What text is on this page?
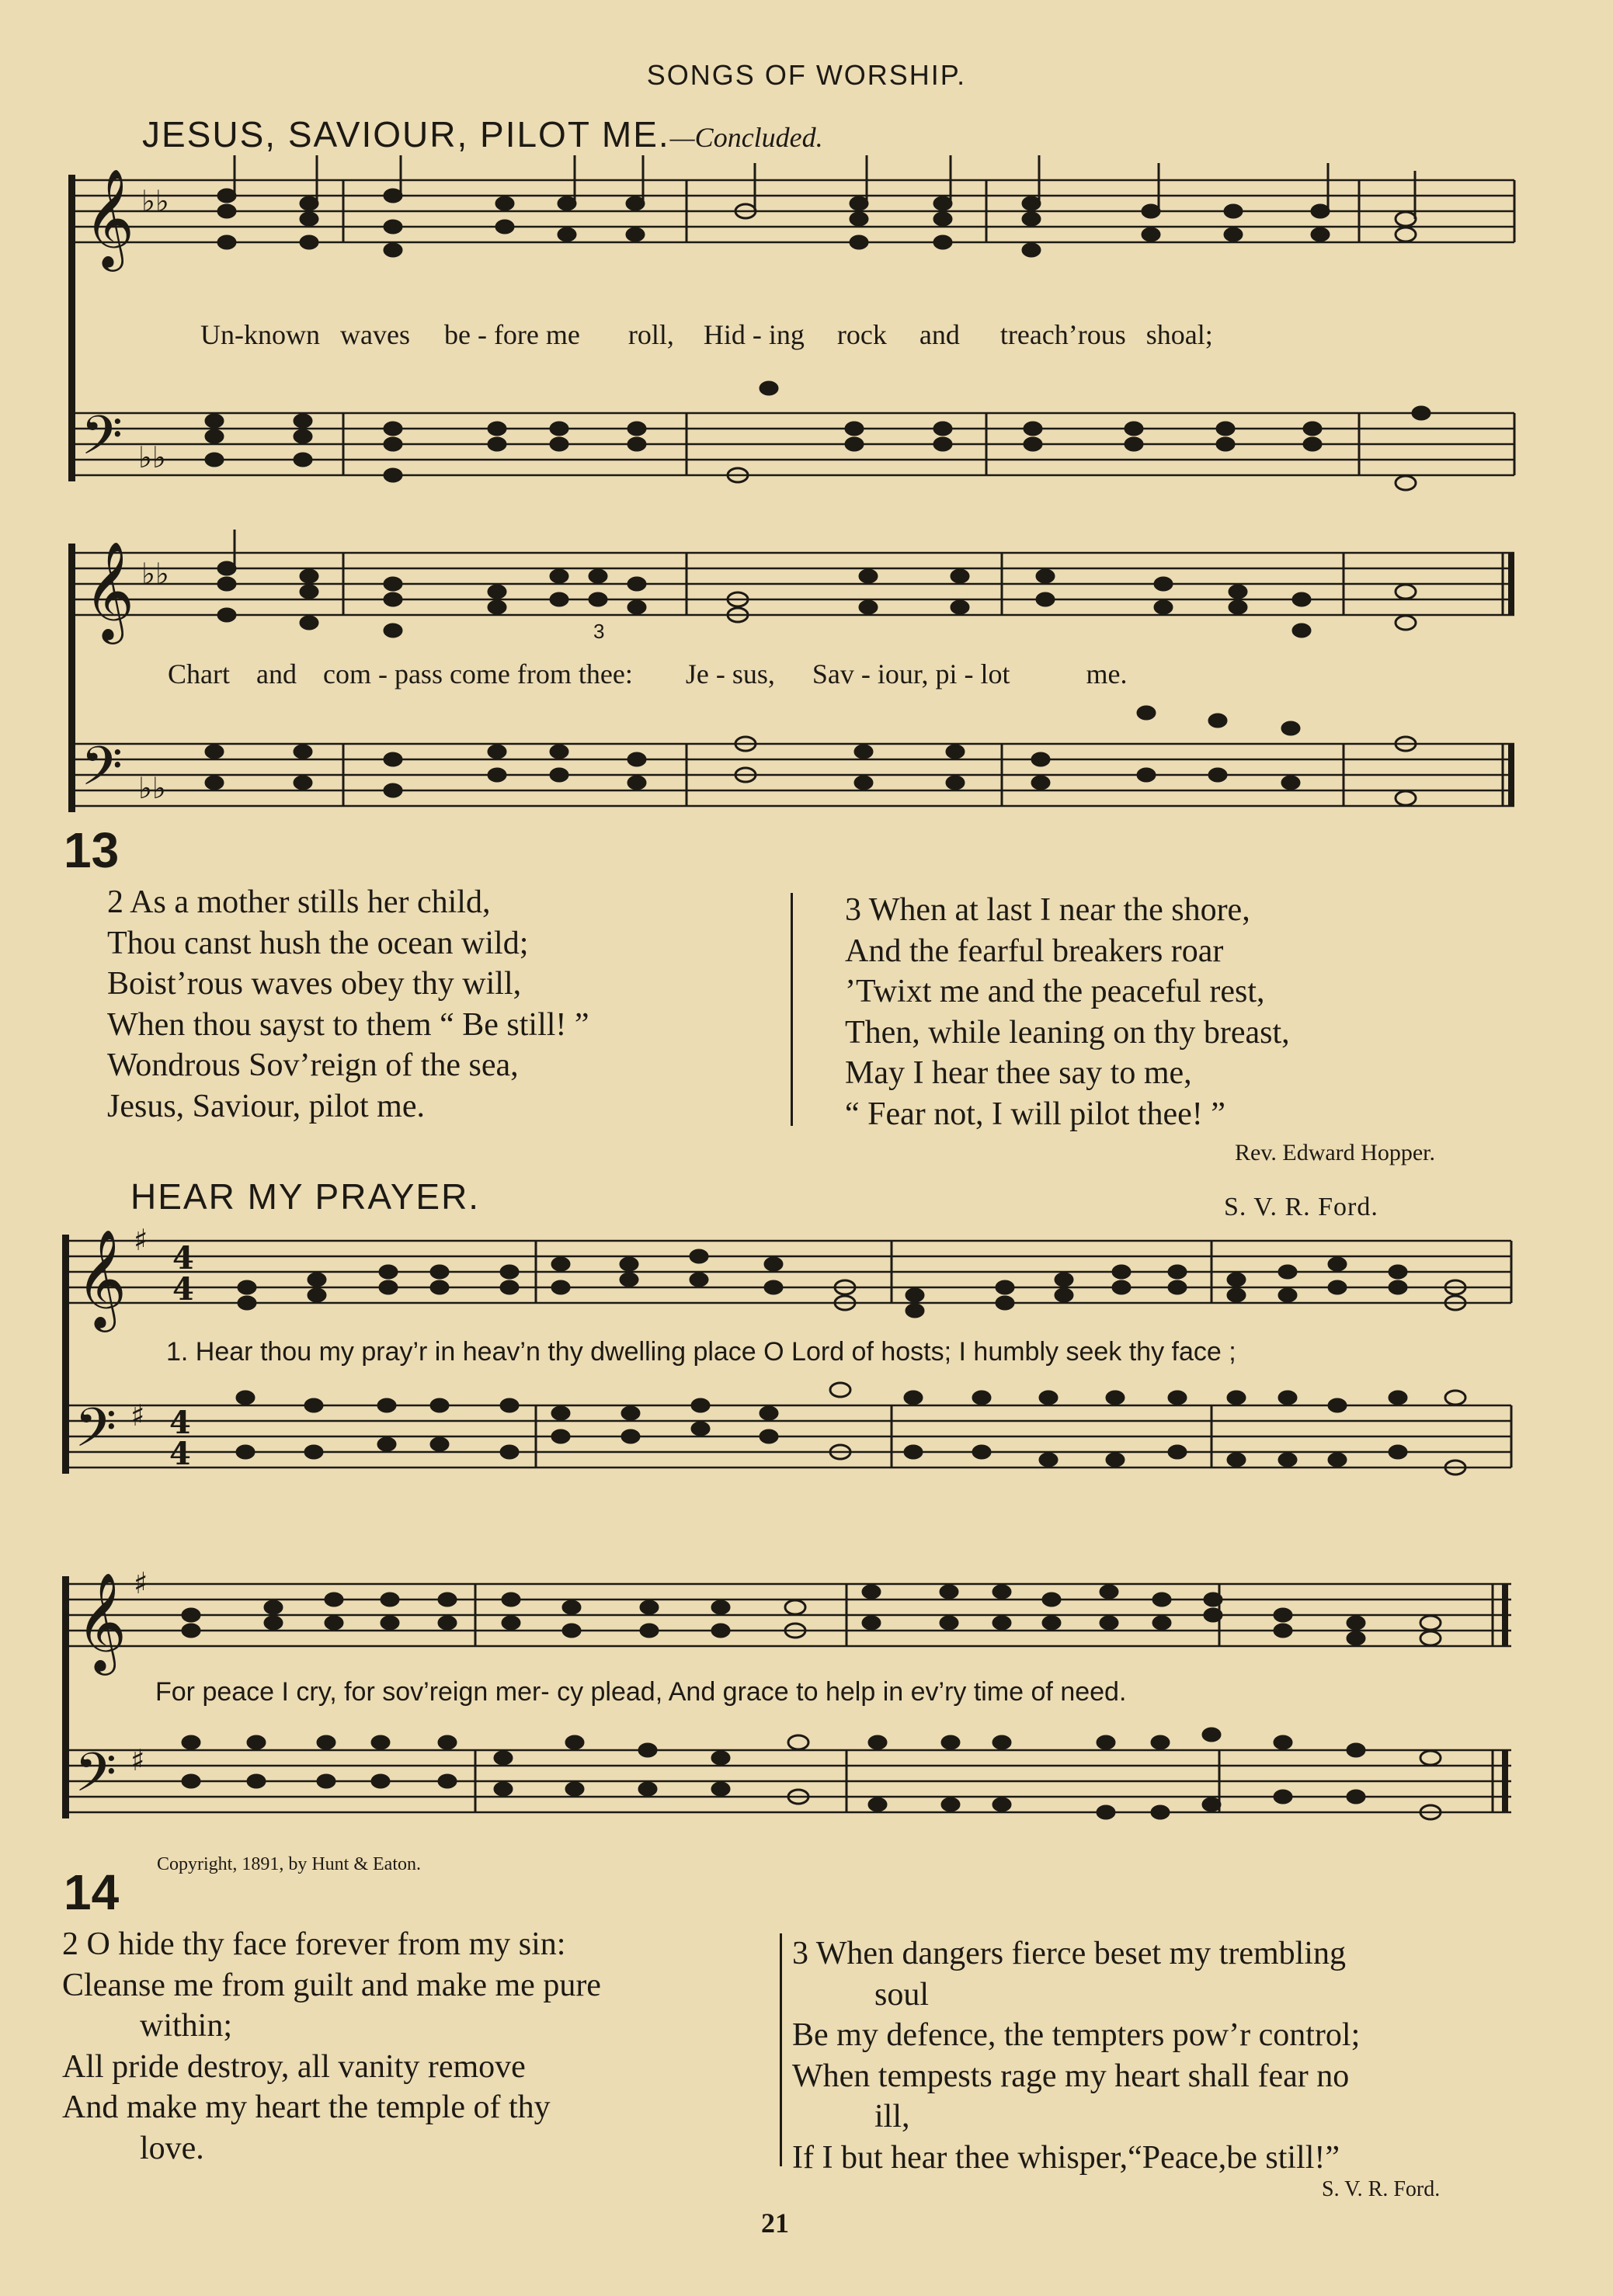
SONGS OF WORSHIP.
JESUS, SAVIOUR, PILOT ME.—Concluded.
𝄞 ♭♭
𝄢 ♭♭
Un-known waves be - fore me roll, Hid - ing rock and treach’rous shoal;
𝄞 ♭♭
𝄢 ♭♭
3
Chart and com - pass come from thee: Je - sus, Sav - iour, pi - lot	me.
13
2 As a mother stills her child,
Thou canst hush the ocean wild;
Boist’rous waves obey thy will,
When thou sayst to them “ Be still! ”
Wondrous Sov’reign of the sea,
Jesus, Saviour, pilot me.
3 When at last I near the shore,
And the fearful breakers roar
’Twixt me and the peaceful rest,
Then, while leaning on thy breast,
May I hear thee say to me,
“ Fear not, I will pilot thee! ”
Rev. Edward Hopper.
HEAR MY PRAYER.	S. V. R. Ford.
𝄞 ♯
𝄢 ♯
4
4
4
4
1. Hear thou my pray’r in heav’n thy dwelling place O Lord of hosts; I humbly seek thy face ;
𝄞 ♯
𝄢 ♯
For peace I cry, for sov’reign mer- cy plead, And grace to help in ev’ry time of need.
Copyright, 1891, by Hunt & Eaton.
14
2 O hide thy face forever from my sin:
Cleanse me from guilt and make me pure
within;
All pride destroy, all vanity remove
And make my heart the temple of thy
love.
3 When dangers fierce beset my trembling
soul
Be my defence, the tempters pow’r control;
When tempests rage my heart shall fear no
ill,
If I but hear thee whisper,“Peace,be still!”
S. V. R. Ford.
21
